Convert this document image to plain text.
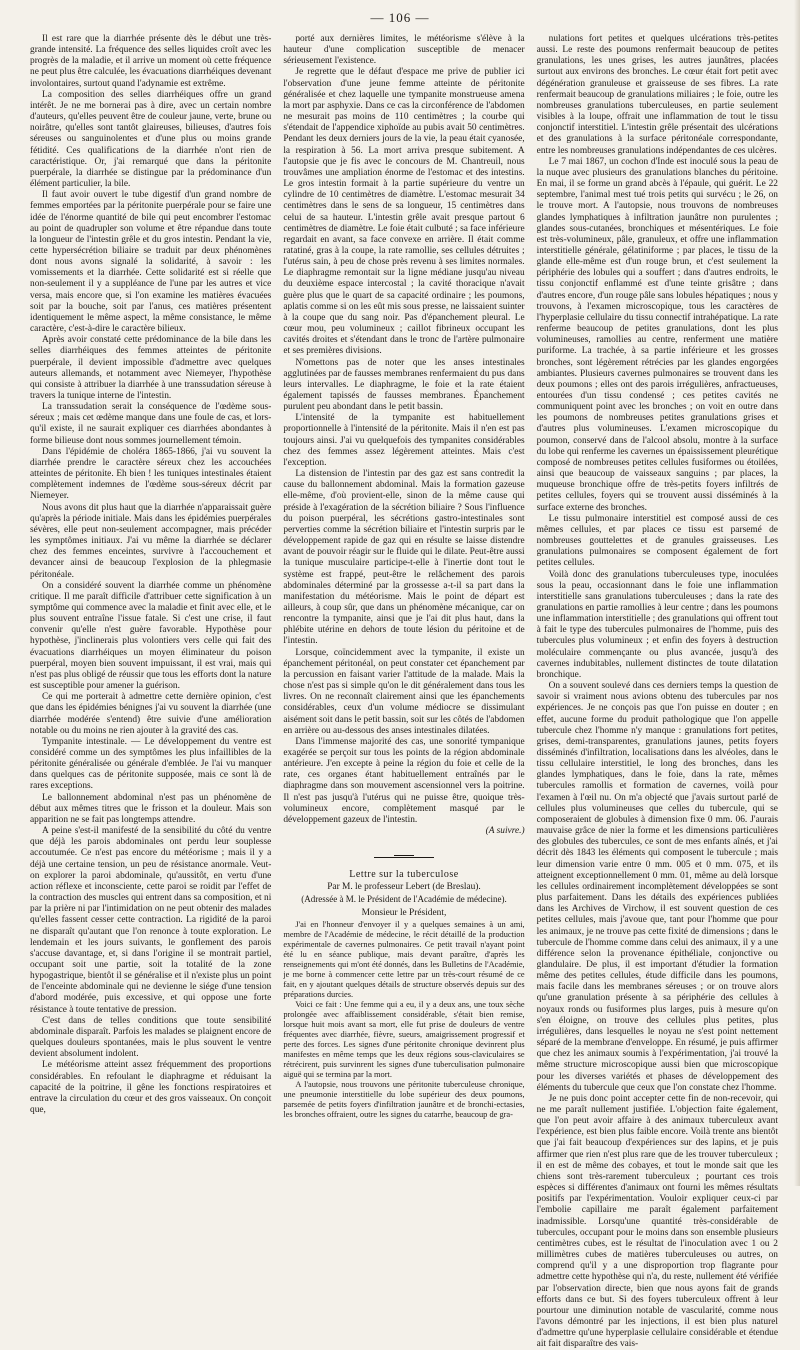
— 106 —

Il est rare que la diarrhée présente dès le début une très-grande intensité. La fréquence des selles liquides croît avec les progrès de la maladie, et il arrive un moment où cette fréquence ne peut plus être calculée, les évacuations diarrhéiques devenant involontaires, surtout quand l'adynamie est extrême.

La composition des selles diarrhéiques offre un grand intérêt. Je ne me bornerai pas à dire, avec un certain nombre d'auteurs, qu'elles peuvent être de couleur jaune, verte, brune ou noirâtre, qu'elles sont tantôt glaireuses, bilieuses, d'autres fois séreuses ou sanguinolentes et d'une plus ou moins grande fétidité. Ces qualifications de la diarrhée n'ont rien de caractéristique. Or, j'ai remarqué que dans la péritonite puerpérale, la diarrhée se distingue par la prédominance d'un élément particulier, la bile.

Il faut avoir ouvert le tube digestif d'un grand nombre de femmes emportées par la péritonite puerpérale pour se faire une idée de l'énorme quantité de bile qui peut encombrer l'estomac au point de quadrupler son volume et être répandue dans toute la longueur de l'intestin grêle et du gros intestin. Pendant la vie, cette hypersécrétion biliaire se traduit par deux phénomènes dont nous avons signalé la solidarité, à savoir : les vomissements et la diarrhée. Cette solidarité est si réelle que non-seulement il y a suppléance de l'une par les autres et vice versa, mais encore que, si l'on examine les matières évacuées soit par la bouche, soit par l'anus, ces matières présentent identiquement le même aspect, la même consistance, le même caractère, c'est-à-dire le caractère bilieux.

Après avoir constaté cette prédominance de la bile dans les selles diarrhéiques des femmes atteintes de péritonite puerpérale, il devient impossible d'admettre avec quelques auteurs allemands, et notamment avec Niemeyer, l'hypothèse qui consiste à attribuer la diarrhée à une transsudation séreuse à travers la tunique interne de l'intestin.

La transsudation serait la conséquence de l'œdème sous-séreux ; mais cet œdème manque dans une foule de cas, et lors-qu'il existe, il ne saurait expliquer ces diarrhées abondantes à forme bilieuse dont nous sommes journellement témoin.

Dans l'épidémie de choléra 1865-1866, j'ai vu souvent la diarrhée prendre le caractère séreux chez les accouchées atteintes de péritonite. Eh bien ! les tuniques intestinales étaient complètement indemnes de l'œdème sous-séreux décrit par Niemeyer.

Nous avons dit plus haut que la diarrhée n'apparaissait guère qu'après la période initiale. Mais dans les épidémies puerpérales sévères, elle peut non-seulement accompagner, mais précéder les symptômes initiaux. J'ai vu même la diarrhée se déclarer chez des femmes enceintes, survivre à l'accouchement et devancer ainsi de beaucoup l'explosion de la phlegmasie péritonéale.

On a considéré souvent la diarrhée comme un phénomène critique. Il me paraît difficile d'attribuer cette signification à un symptôme qui commence avec la maladie et finit avec elle, et le plus souvent entraîne l'issue fatale. Si c'est une crise, il faut convenir qu'elle n'est guère favorable. Hypothèse pour hypothèse, j'inclinerais plus volontiers vers celle qui fait des évacuations diarrhéiques un moyen éliminateur du poison puerpéral, moyen bien souvent impuissant, il est vrai, mais qui n'est pas plus obligé de réussir que tous les efforts dont la nature est susceptible pour amener la guérison.

Ce qui me porterait à admettre cette dernière opinion, c'est que dans les épidémies bénignes j'ai vu souvent la diarrhée (une diarrhée modérée s'entend) être suivie d'une amélioration notable ou du moins ne rien ajouter à la gravité des cas.

Tympanite intestinale. — Le développement du ventre est considéré comme un des symptômes les plus infaillibles de la péritonite généralisée ou générale d'emblée. Je l'ai vu manquer dans quelques cas de péritonite supposée, mais ce sont là de rares exceptions.

Le ballonnement abdominal n'est pas un phénomène de début aux mêmes titres que le frisson et la douleur. Mais son apparition ne se fait pas longtemps attendre.

A peine s'est-il manifesté de la sensibilité du côté du ventre que déjà les parois abdominales ont perdu leur souplesse accoutumée. Ce n'est pas encore du météorisme ; mais il y a déjà une certaine tension, un peu de résistance anormale. Veut-on explorer la paroi abdominale, qu'aussitôt, en vertu d'une action réflexe et inconsciente, cette paroi se roidit par l'effet de la contraction des muscles qui entrent dans sa composition, et ni par la prière ni par l'intimidation on ne peut obtenir des malades qu'elles fassent cesser cette contraction. La rigidité de la paroi ne disparaît qu'autant que l'on renonce à toute exploration. Le lendemain et les jours suivants, le gonflement des parois s'accuse davantage, et, si dans l'origine il se montrait partiel, occupant soit une partie, soit la totalité de la zone hypogastrique, bientôt il se généralise et il n'existe plus un point de l'enceinte abdominale qui ne devienne le siége d'une tension d'abord modérée, puis excessive, et qui oppose une forte résistance à toute tentative de pression.

C'est dans de telles conditions que toute sensibilité abdominale disparaît. Parfois les malades se plaignent encore de quelques douleurs spontanées, mais le plus souvent le ventre devient absolument indolent.

Le météorisme atteint assez fréquemment des proportions considérables. En refoulant le diaphragme et réduisant la capacité de la poitrine, il gêne les fonctions respiratoires et entrave la circulation du cœur et des gros vaisseaux. On conçoit que,

porté aux dernières limites, le météorisme s'élève à la hauteur d'une complication susceptible de menacer sérieusement l'existence.

Je regrette que le défaut d'espace me prive de publier ici l'observation d'une jeune femme atteinte de péritonite généralisée et chez laquelle une tympanite monstrueuse amena la mort par asphyxie. Dans ce cas la circonférence de l'abdomen ne mesurait pas moins de 110 centimètres ; la courbe qui s'étendait de l'appendice xiphoïde au pubis avait 50 centimètres. Pendant les deux derniers jours de la vie, la peau était cyanosée, la respiration à 56. La mort arriva presque subitement. A l'autopsie que je fis avec le concours de M. Chantreuil, nous trouvâmes une ampliation énorme de l'estomac et des intestins. Le gros intestin formait à la partie supérieure du ventre un cylindre de 10 centimètres de diamètre. L'estomac mesurait 34 centimètres dans le sens de sa longueur, 15 centimètres dans celui de sa hauteur. L'intestin grêle avait presque partout 6 centimètres de diamètre. Le foie était culbuté ; sa face inférieure regardait en avant, sa face convexe en arrière. Il était comme ratatiné, gras à la coupe, la rate ramollie, ses cellules détruites ; l'utérus sain, à peu de chose près revenu à ses limites normales. Le diaphragme remontait sur la ligne médiane jusqu'au niveau du deuxième espace intercostal ; la cavité thoracique n'avait guère plus que le quart de sa capacité ordinaire ; les poumons, aplatis comme si on les eût mis sous presse, ne laissaient suinter à la coupe que du sang noir. Pas d'épanchement pleural. Le cœur mou, peu volumineux ; caillot fibrineux occupant les cavités droites et s'étendant dans le tronc de l'artère pulmonaire et ses premières divisions.

N'omettons pas de noter que les anses intestinales agglutinées par de fausses membranes renfermaient du pus dans leurs intervalles. Le diaphragme, le foie et la rate étaient également tapissés de fausses membranes. Épanchement purulent peu abondant dans le petit bassin.

L'intensité de la tympanite est habituellement proportionnelle à l'intensité de la péritonite. Mais il n'en est pas toujours ainsi. J'ai vu quelquefois des tympanites considérables chez des femmes assez légèrement atteintes. Mais c'est l'exception.

La distension de l'intestin par des gaz est sans contredit la cause du ballonnement abdominal. Mais la formation gazeuse elle-même, d'où provient-elle, sinon de la même cause qui préside à l'exagération de la sécrétion biliaire ? Sous l'influence du poison puerpéral, les sécrétions gastro-intestinales sont perverties comme la sécrétion biliaire et l'intestin surpris par le développement rapide de gaz qui en résulte se laisse distendre avant de pouvoir réagir sur le fluide qui le dilate. Peut-être aussi la tunique musculaire participe-t-elle à l'inertie dont tout le système est frappé, peut-être le relâchement des parois abdominales déterminé par la grossesse a-t-il sa part dans la manifestation du météorisme. Mais le point de départ est ailleurs, à coup sûr, que dans un phénomène mécanique, car on rencontre la tympanite, ainsi que je l'ai dit plus haut, dans la phlébite utérine en dehors de toute lésion du péritoine et de l'intestin.

Lorsque, coïncidemment avec la tympanite, il existe un épanchement péritonéal, on peut constater cet épanchement par la percussion en faisant varier l'attitude de la malade. Mais la chose n'est pas si simple qu'on le dit généralement dans tous les livres. On ne reconnaît clairement ainsi que les épanchements considérables, ceux d'un volume médiocre se dissimulant aisément soit dans le petit bassin, soit sur les côtés de l'abdomen en arrière ou au-dessous des anses intestinales dilatées.

Dans l'immense majorité des cas, une sonorité tympanique exagérée se perçoit sur tous les points de la région abdominale antérieure. J'en excepte à peine la région du foie et celle de la rate, ces organes étant habituellement entraînés par le diaphragme dans son mouvement ascensionnel vers la poitrine. Il n'est pas jusqu'à l'utérus qui ne puisse être, quoique très-volumineux encore, complètement masqué par le développement gazeux de l'intestin.

(A suivre.)

Lettre sur la tuberculose
Par M. le professeur Lebert (de Breslau).
(Adressée à M. le Président de l'Académie de médecine).
Monsieur le Président,

J'ai en l'honneur d'envoyer il y a quelques semaines à un ami, membre de l'Académie de médecine, le récit détaillé de la production expérimentale de cavernes pulmonaires. Ce petit travail n'ayant point été lu en séance publique, mais devant paraître, d'après les renseignements qui m'ont été donnés, dans les Bulletins de l'Académie, je me borne à commencer cette lettre par un très-court résumé de ce fait, en y ajoutant quelques détails de structure observés depuis sur des préparations durcies.

Voici ce fait : Une femme qui a eu, il y a deux ans, une toux sèche prolongée avec affaiblissement considérable, s'était bien remise, lorsque huit mois avant sa mort, elle fut prise de douleurs de ventre fréquentes avec diarrhée, fièvre, sueurs, amaigrissement progressif et perte des forces. Les signes d'une péritonite chronique devinrent plus manifestes en même temps que les deux régions sous-claviculaires se rétrécirent, puis survinrent les signes d'une tuberculisation pulmonaire aiguë qui se termina par la mort.

A l'autopsie, nous trouvons une péritonite tuberculeuse chronique, une pneumonie interstitielle du lobe supérieur des deux poumons, parsemée de petits foyers d'infiltration jaunâtre et de bronchi-ectasies, les bronches offraient, outre les signes du catarrhe, beaucoup de gra-

nulations fort petites et quelques ulcérations très-petites aussi. Le reste des poumons renfermait beaucoup de petites granulations, les unes grises, les autres jaunâtres, placées surtout aux environs des bronches. Le cœur était fort petit avec dégénération granuleuse et graisseuse de ses fibres. La rate renfermait beaucoup de granulations miliaires ; le foie, outre les nombreuses granulations tuberculeuses, en partie seulement visibles à la loupe, offrait une inflammation de tout le tissu conjonctif interstitiel. L'intestin grêle présentait des ulcérations et des granulations à la surface péritonéale correspondante, entre les nombreuses granulations indépendantes de ces ulcères.

Le 7 mai 1867, un cochon d'Inde est inoculé sous la peau de la nuque avec plusieurs des granulations blanches du péritoine. En mai, il se forme un grand abcès à l'épaule, qui guérit. Le 22 septembre, l'animal mest tué trois petits qui survécu ; le 26, on le trouve mort. A l'autopsie, nous trouvons de nombreuses glandes lymphatiques à infiltration jaunâtre non purulentes ; glandes sous-cutanées, bronchiques et mésentériques. Le foie est très-volumineux, pâle, granuleux, et offre une inflammation interstitielle générale, gélatiniforme ; par places, le tissu de la glande elle-même est d'un rouge brun, et c'est seulement la périphérie des lobules qui a souffert ; dans d'autres endroits, le tissu conjonctif enflammé est d'une teinte grisâtre ; dans d'autres encore, d'un rouge pâle sans lobules hépatiques ; nous y trouvons, à l'examen microscopique, tous les caractères de l'hyperplasie cellulaire du tissu connectif intrahépatique. La rate renferme beaucoup de petites granulations, dont les plus volumineuses, ramollies au centre, renferment une matière puriforme. La trachée, à sa partie inférieure et les grosses bronches, sont légèrement rétrécies par les glandes engorgées ambiantes. Plusieurs cavernes pulmonaires se trouvent dans les deux poumons ; elles ont des parois irrégulières, anfractueuses, entourées d'un tissu condensé ; ces petites cavités ne communiquent point avec les bronches ; on voit en outre dans les poumons de nombreuses petites granulations grises et d'autres plus volumineuses. L'examen microscopique du poumon, conservé dans de l'alcool absolu, montre à la surface du lobe qui renferme les cavernes un épaississement pleurétique composé de nombreuses petites cellules fusiformes ou étoilées, ainsi que beaucoup de vaisseaux sanguins ; par places, la muqueuse bronchique offre de très-petits foyers infiltrés de petites cellules, foyers qui se trouvent aussi disséminés à la surface externe des bronches.

Le tissu pulmonaire interstitiel est composé aussi de ces mêmes cellules, et par places ce tissu est parsemé de nombreuses gouttelettes et de granules graisseuses. Les granulations pulmonaires se composent également de fort petites cellules.

Voilà donc des granulations tuberculeuses type, inoculées sous la peau, occasionnant dans le foie une inflammation interstitielle sans granulations tuberculeuses ; dans la rate des granulations en partie ramollies à leur centre ; dans les poumons une inflammation interstitielle ; des granulations qui offrent tout à fait le type des tubercules pulmonaires de l'homme, puis des tubercules plus volumineux ; et enfin des foyers à destruction moléculaire commençante ou plus avancée, jusqu'à des cavernes indubitables, nullement distinctes de toute dilatation bronchique.

On a souvent soulevé dans ces derniers temps la question de savoir si vraiment nous avions obtenu des tubercules par nos expériences. Je ne conçois pas que l'on puisse en douter ; en effet, aucune forme du produit pathologique que l'on appelle tubercule chez l'homme n'y manque : granulations fort petites, grises, demi-transparentes, granulations jaunes, petits foyers disséminés d'infiltration, localisations dans les alvéoles, dans le tissu cellulaire interstitiel, le long des bronches, dans les glandes lymphatiques, dans le foie, dans la rate, mêmes tubercules ramollis et formation de cavernes, voilà pour l'examen à l'œil nu. On m'a objecté que j'avais surtout parlé de cellules plus volumineuses que celles du tubercule, qui se composeraient de globules à dimension fixe 0 mm. 06. J'aurais mauvaise grâce de nier la forme et les dimensions particulières des globules des tubercules, ce sont de mes enfants aînés, et j'ai décrit dès 1843 les éléments qui composent le tubercule ; mais leur dimension varie entre 0 mm. 005 et 0 mm. 075, et ils atteignent exceptionnellement 0 mm. 01, même au delà lorsque les cellules ordinairement incomplètement développées se sont plus parfaitement. Dans les détails des expériences publiées dans les Archives de Virchow, il est souvent question de ces petites cellules, mais j'avoue que, tant pour l'homme que pour les animaux, je ne trouve pas cette fixité de dimensions ; dans le tubercule de l'homme comme dans celui des animaux, il y a une différence selon la provenance épithéliale, conjonctive ou glandulaire. De plus, il est important d'étudier la formation même des petites cellules, étude difficile dans les poumons, mais facile dans les membranes séreuses ; or on trouve alors qu'une granulation présente à sa périphérie des cellules à noyaux ronds ou fusiformes plus larges, puis à mesure qu'on s'en éloigne, on trouve des cellules plus petites, plus irrégulières, dans lesquelles le noyau ne s'est point nettement séparé de la membrane d'enveloppe. En résumé, je puis affirmer que chez les animaux soumis à l'expérimentation, j'ai trouvé la même structure microscopique aussi bien que microscopique pour les diverses variétés et phases de développement des éléments du tubercule que ceux que l'on constate chez l'homme.

Je ne puis donc point accepter cette fin de non-recevoir, qui ne me paraît nullement justifiée. L'objection faite également, que l'on peut avoir affaire à des animaux tuberculeux avant l'expérience, est bien plus faible encore. Voilà trente ans bientôt que j'ai fait beaucoup d'expériences sur des lapins, et je puis affirmer que rien n'est plus rare que de les trouver tuberculeux ; il en est de même des cobayes, et tout le monde sait que les chiens sont très-rarement tuberculeux ; pourtant ces trois espèces si différentes d'animaux ont fourni les mêmes résultats positifs par l'expérimentation. Vouloir expliquer ceux-ci par l'embolie capillaire me paraît également parfaitement inadmissible. Lorsqu'une quantité très-considérable de tubercules, occupant pour le moins dans son ensemble plusieurs centimètres cubes, est le résultat de l'inoculation avec 1 ou 2 millimètres cubes de matières tuberculeuses ou autres, on comprend qu'il y a une disproportion trop flagrante pour admettre cette hypothèse qui n'a, du reste, nullement été vérifiée par l'observation directe, bien que nous ayons fait de grands efforts dans ce but. Si des foyers tuberculeux offrent à leur pourtour une diminution notable de vascularité, comme nous l'avons démontré par les injections, il est bien plus naturel d'admettre qu'une hyperplasie cellulaire considérable et étendue ait fait disparaître des vais-
